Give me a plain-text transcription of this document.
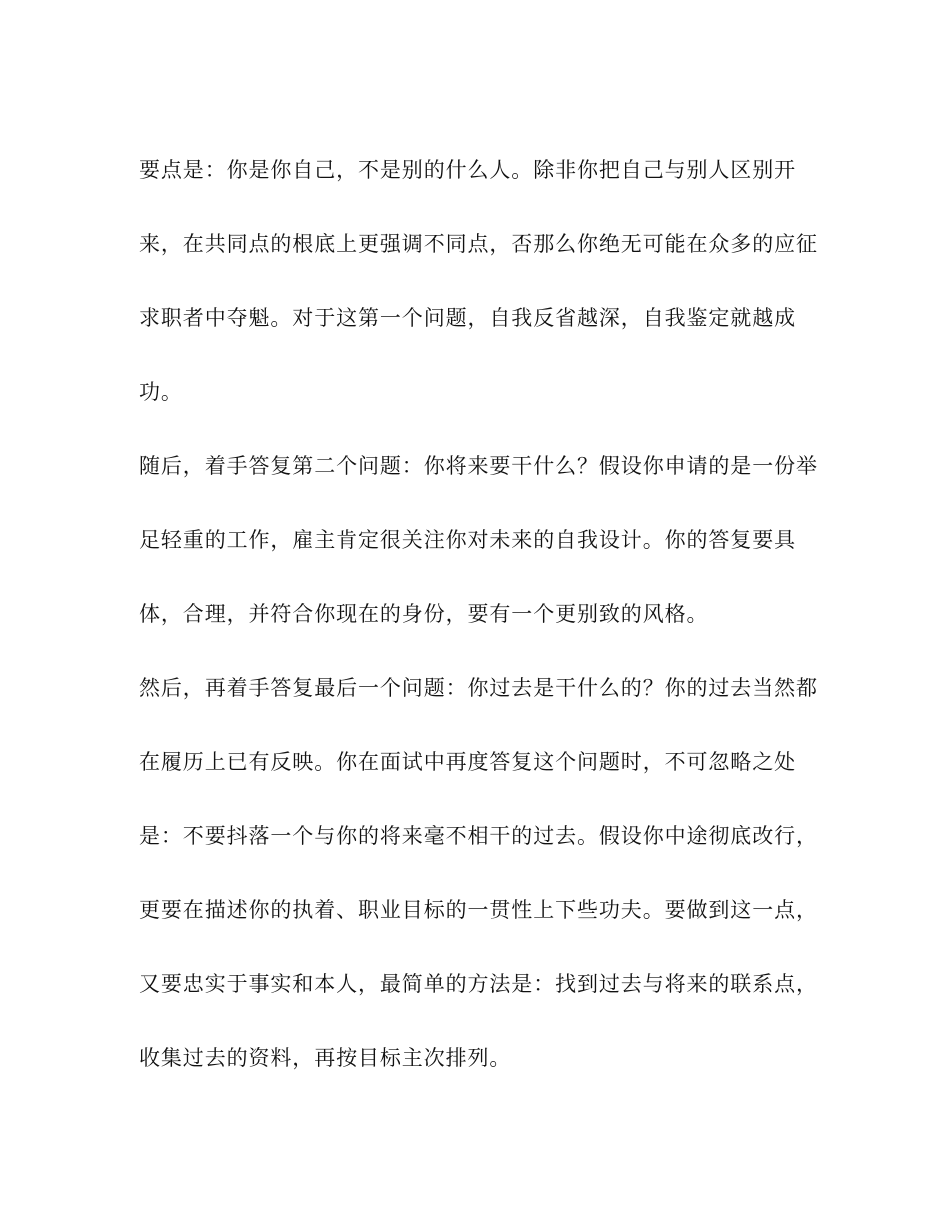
要点是：你是你自己，不是别的什么人。除非你把自己与别人区别开
来，在共同点的根底上更强调不同点，否那么你绝无可能在众多的应征
求职者中夺魁。对于这第一个问题，自我反省越深，自我鉴定就越成
功。
随后，着手答复第二个问题：你将来要干什么？假设你申请的是一份举
足轻重的工作，雇主肯定很关注你对未来的自我设计。你的答复要具
体，合理，并符合你现在的身份，要有一个更别致的风格。
然后，再着手答复最后一个问题：你过去是干什么的？你的过去当然都
在履历上已有反映。你在面试中再度答复这个问题时，不可忽略之处
是：不要抖落一个与你的将来毫不相干的过去。假设你中途彻底改行，
更要在描述你的执着、职业目标的一贯性上下些功夫。要做到这一点，
又要忠实于事实和本人，最简单的方法是：找到过去与将来的联系点，
收集过去的资料，再按目标主次排列。
